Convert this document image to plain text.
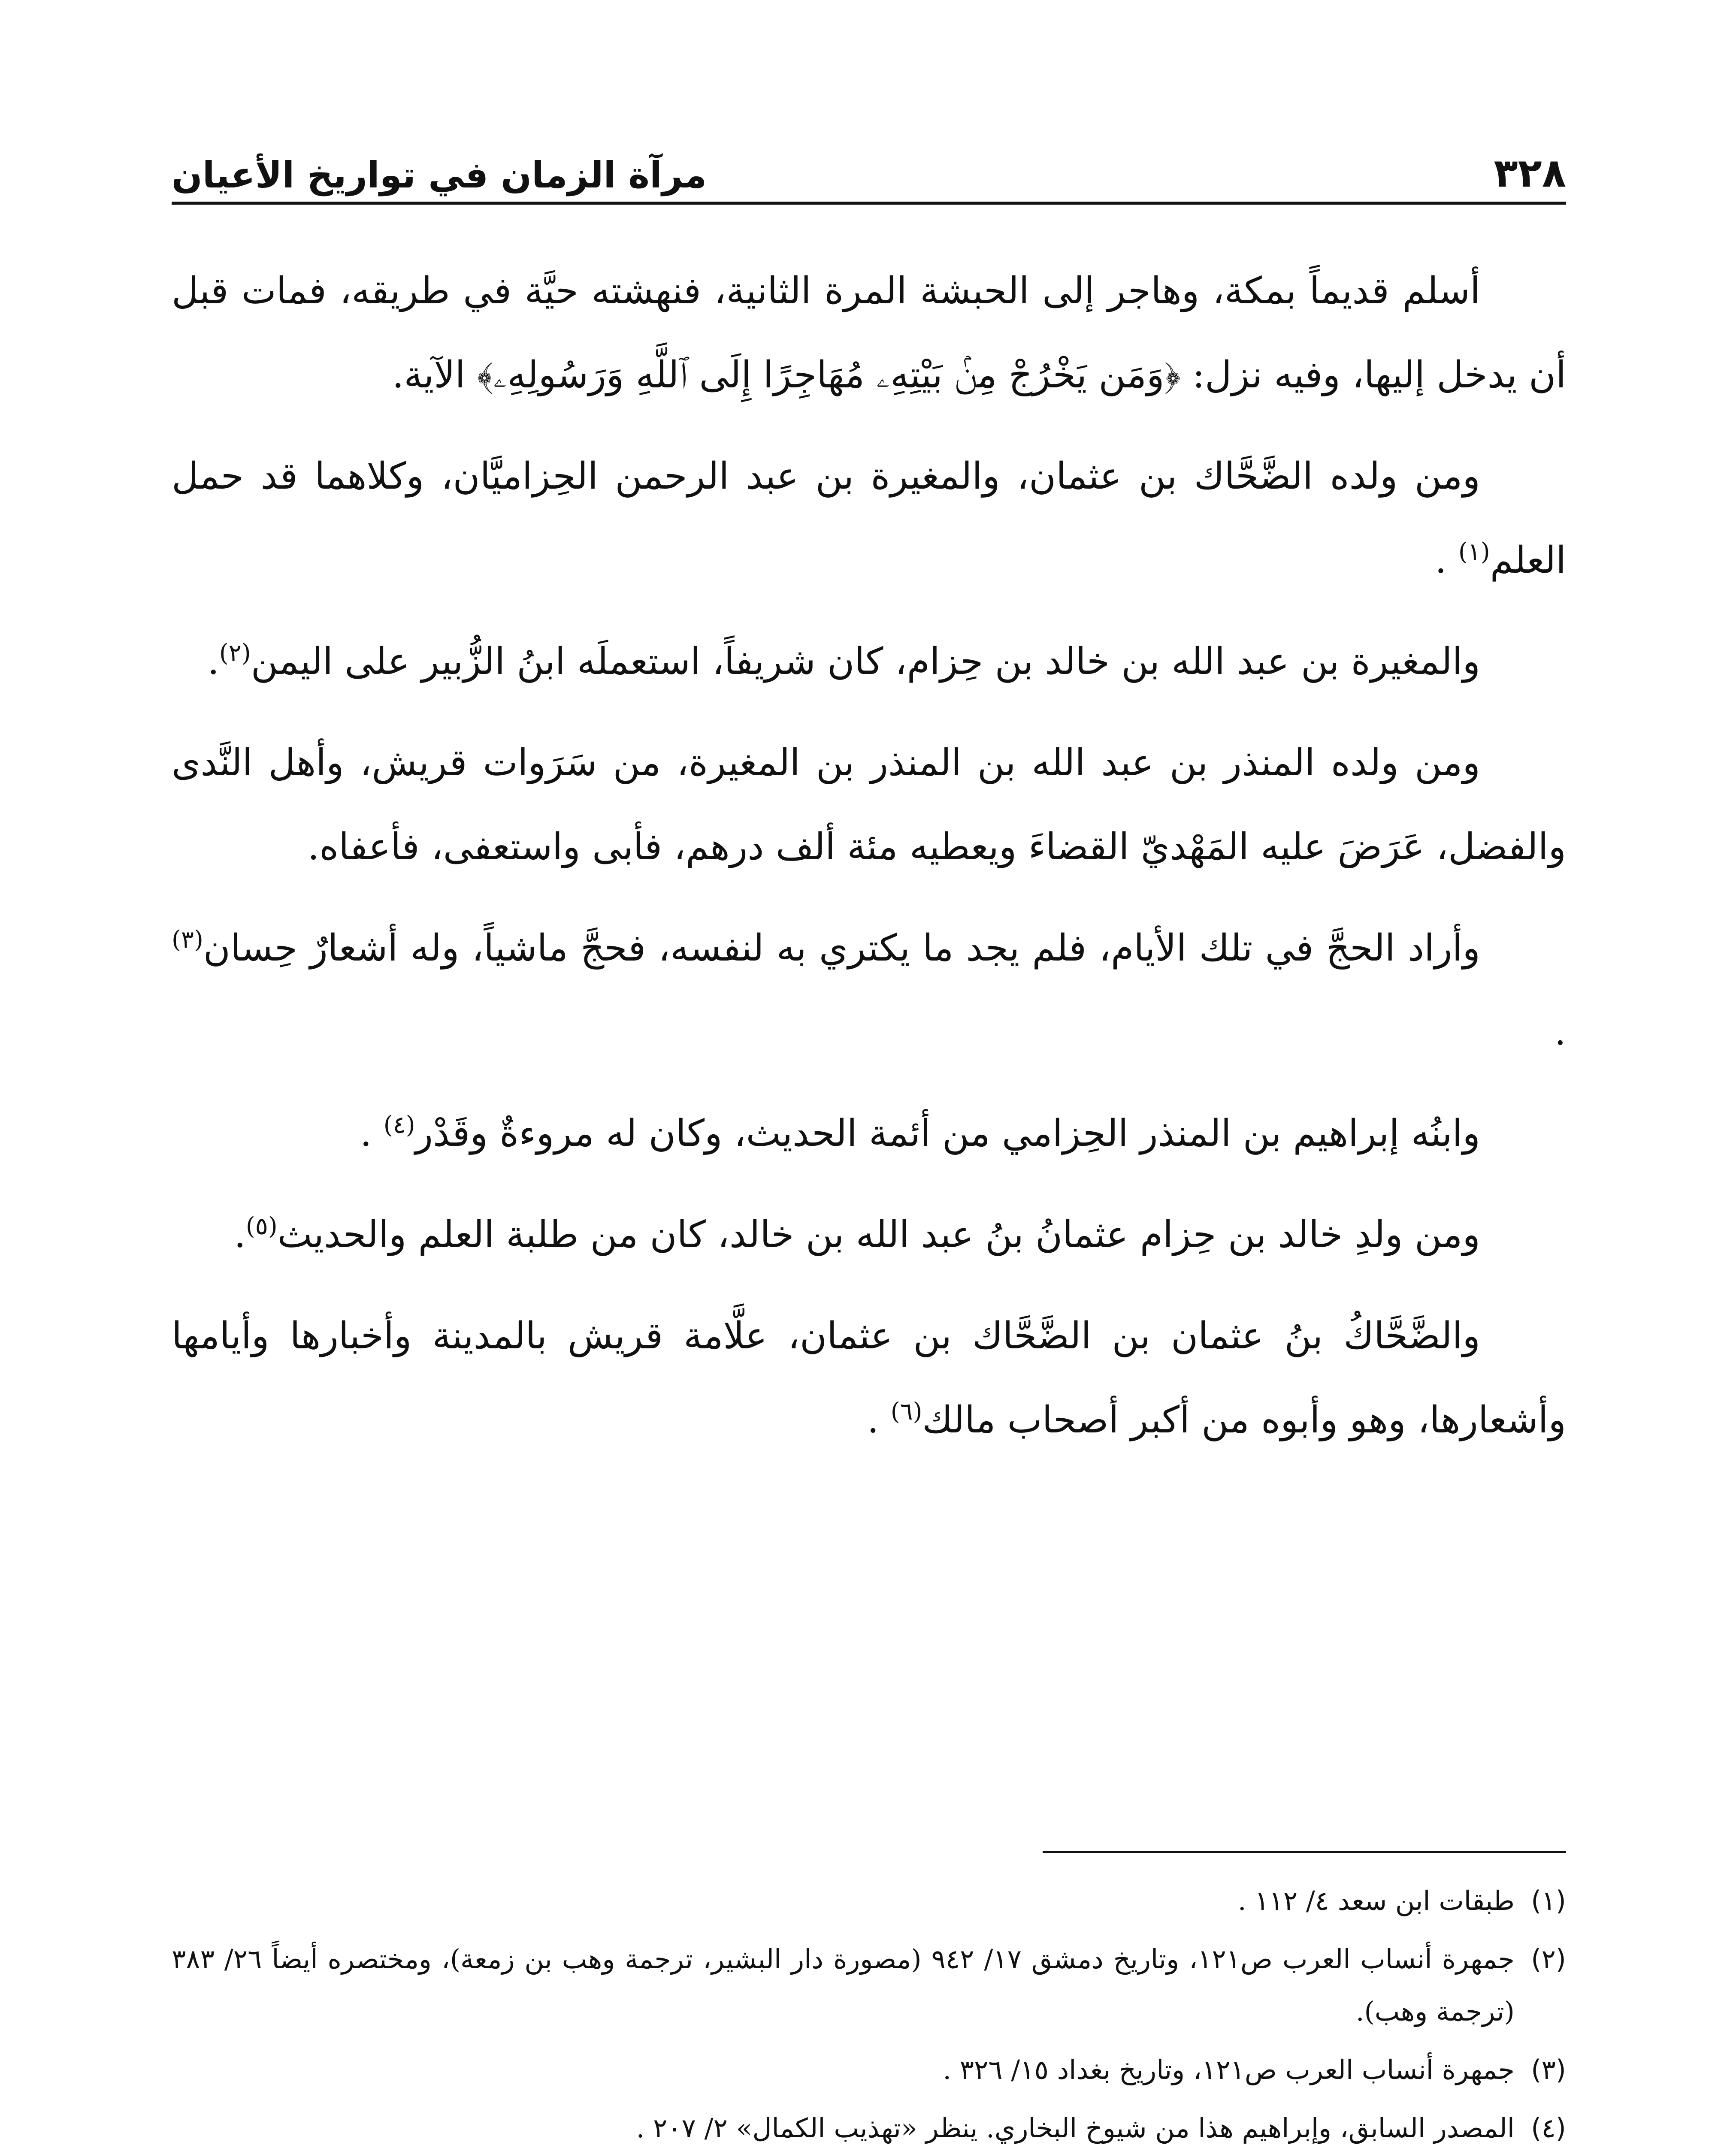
٣٢٨
مرآة الزمان في تواريخ الأعيان

أسلم قديماً بمكة، وهاجر إلى الحبشة المرة الثانية، فنهشته حيَّة في طريقه، فمات قبل أن يدخل إليها، وفيه نزل: ﴿وَمَن يَخْرُجْ مِنۢ بَيْتِهِۦ مُهَاجِرًا إِلَى ٱللَّهِ وَرَسُولِهِۦ﴾ الآية.

ومن ولده الضَّحَّاك بن عثمان، والمغيرة بن عبد الرحمن الحِزاميَّان، وكلاهما قد حمل العلم$^{(١)}$ .

والمغيرة بن عبد الله بن خالد بن حِزام، كان شريفاً، استعملَه ابنُ الزُّبير على اليمن$^{(٢)}$.

ومن ولده المنذر بن عبد الله بن المنذر بن المغيرة، من سَرَوات قريش، وأهل النَّدى والفضل، عَرَضَ عليه المَهْديّ القضاءَ ويعطيه مئة ألف درهم، فأبى واستعفى، فأعفاه.

وأراد الحجَّ في تلك الأيام، فلم يجد ما يكتري به لنفسه، فحجَّ ماشياً، وله أشعارٌ حِسان$^{(٣)}$ .

وابنُه إبراهيم بن المنذر الحِزامي من أئمة الحديث، وكان له مروءةٌ وقَدْر$^{(٤)}$ .

ومن ولدِ خالد بن حِزام عثمانُ بنُ عبد الله بن خالد، كان من طلبة العلم والحديث$^{(٥)}$.

والضَّحَّاكُ بنُ عثمان بن الضَّحَّاك بن عثمان، علَّامة قريش بالمدينة وأخبارها وأيامها وأشعارها، وهو وأبوه من أكبر أصحاب مالك$^{(٦)}$ .

(١)
طبقات ابن سعد ٤/ ١١٢ .
(٢)
جمهرة أنساب العرب ص١٢١، وتاريخ دمشق ١٧/ ٩٤٢ (مصورة دار البشير، ترجمة وهب بن زمعة)، ومختصره أيضاً ٢٦/ ٣٨٣ (ترجمة وهب).
(٣)
جمهرة أنساب العرب ص١٢١، وتاريخ بغداد ١٥/ ٣٢٦ .
(٤)
المصدر السابق، وإبراهيم هذا من شيوخ البخاري. ينظر «تهذيب الكمال» ٢/ ٢٠٧ .
